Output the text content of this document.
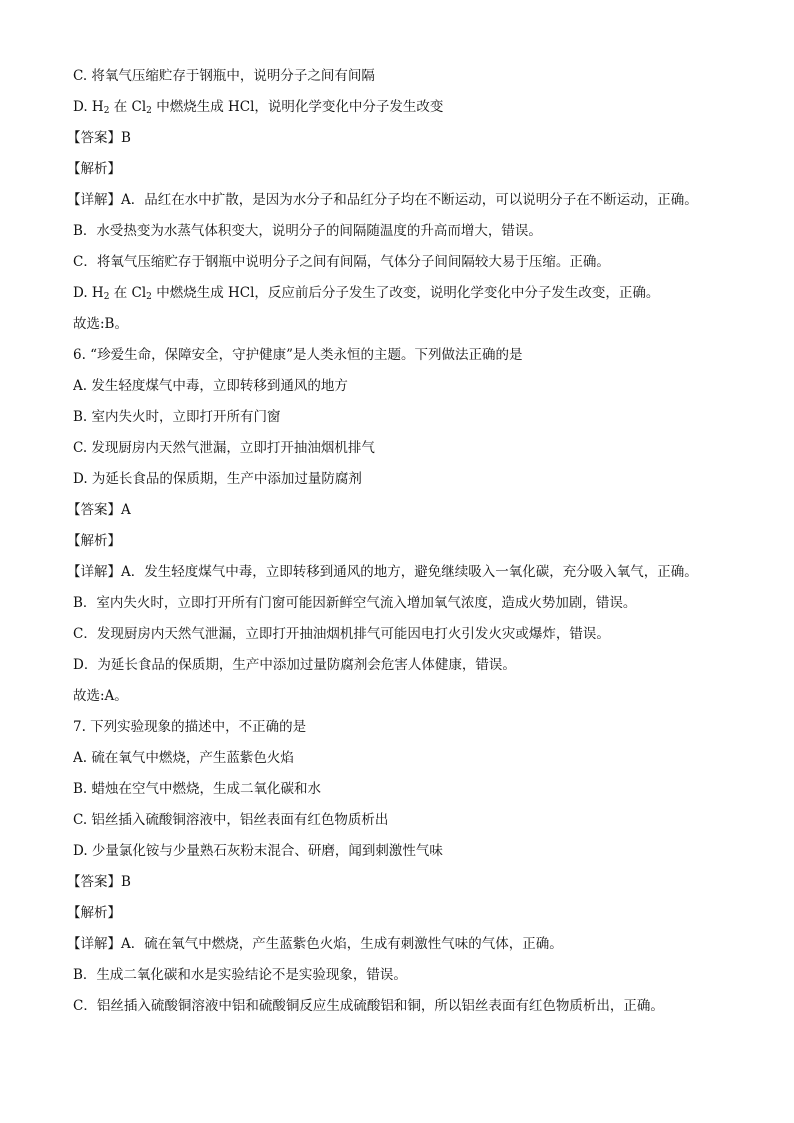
C. 将氧气压缩贮存于钢瓶中，说明分子之间有间隔
D. $H_2$ 在 $Cl_2$ 中燃烧生成 HCl，说明化学变化中分子发生改变
【答案】B
【解析】
【详解】A．品红在水中扩散，是因为水分子和品红分子均在不断运动，可以说明分子在不断运动，正确。
B．水受热变为水蒸气体积变大，说明分子的间隔随温度的升高而增大，错误。
C．将氧气压缩贮存于钢瓶中说明分子之间有间隔，气体分子间间隔较大易于压缩。正确。
D. $H_2$ 在 $Cl_2$ 中燃烧生成 HCl，反应前后分子发生了改变，说明化学变化中分子发生改变，正确。
故选:B。
6. “珍爱生命，保障安全，守护健康”是人类永恒的主题。下列做法正确的是
A. 发生轻度煤气中毒，立即转移到通风的地方
B. 室内失火时，立即打开所有门窗
C. 发现厨房内天然气泄漏，立即打开抽油烟机排气
D. 为延长食品的保质期，生产中添加过量防腐剂
【答案】A
【解析】
【详解】A．发生轻度煤气中毒，立即转移到通风的地方，避免继续吸入一氧化碳，充分吸入氧气，正确。
B．室内失火时，立即打开所有门窗可能因新鲜空气流入增加氧气浓度，造成火势加剧，错误。
C．发现厨房内天然气泄漏，立即打开抽油烟机排气可能因电打火引发火灾或爆炸，错误。
D．为延长食品的保质期，生产中添加过量防腐剂会危害人体健康，错误。
故选:A。
7. 下列实验现象的描述中，不正确的是
A. 硫在氧气中燃烧，产生蓝紫色火焰
B. 蜡烛在空气中燃烧，生成二氧化碳和水
C. 铝丝插入硫酸铜溶液中，铝丝表面有红色物质析出
D. 少量氯化铵与少量熟石灰粉末混合、研磨，闻到刺激性气味
【答案】B
【解析】
【详解】A．硫在氧气中燃烧，产生蓝紫色火焰，生成有刺激性气味的气体，正确。
B．生成二氧化碳和水是实验结论不是实验现象，错误。
C．铝丝插入硫酸铜溶液中铝和硫酸铜反应生成硫酸铝和铜，所以铝丝表面有红色物质析出，正确。
